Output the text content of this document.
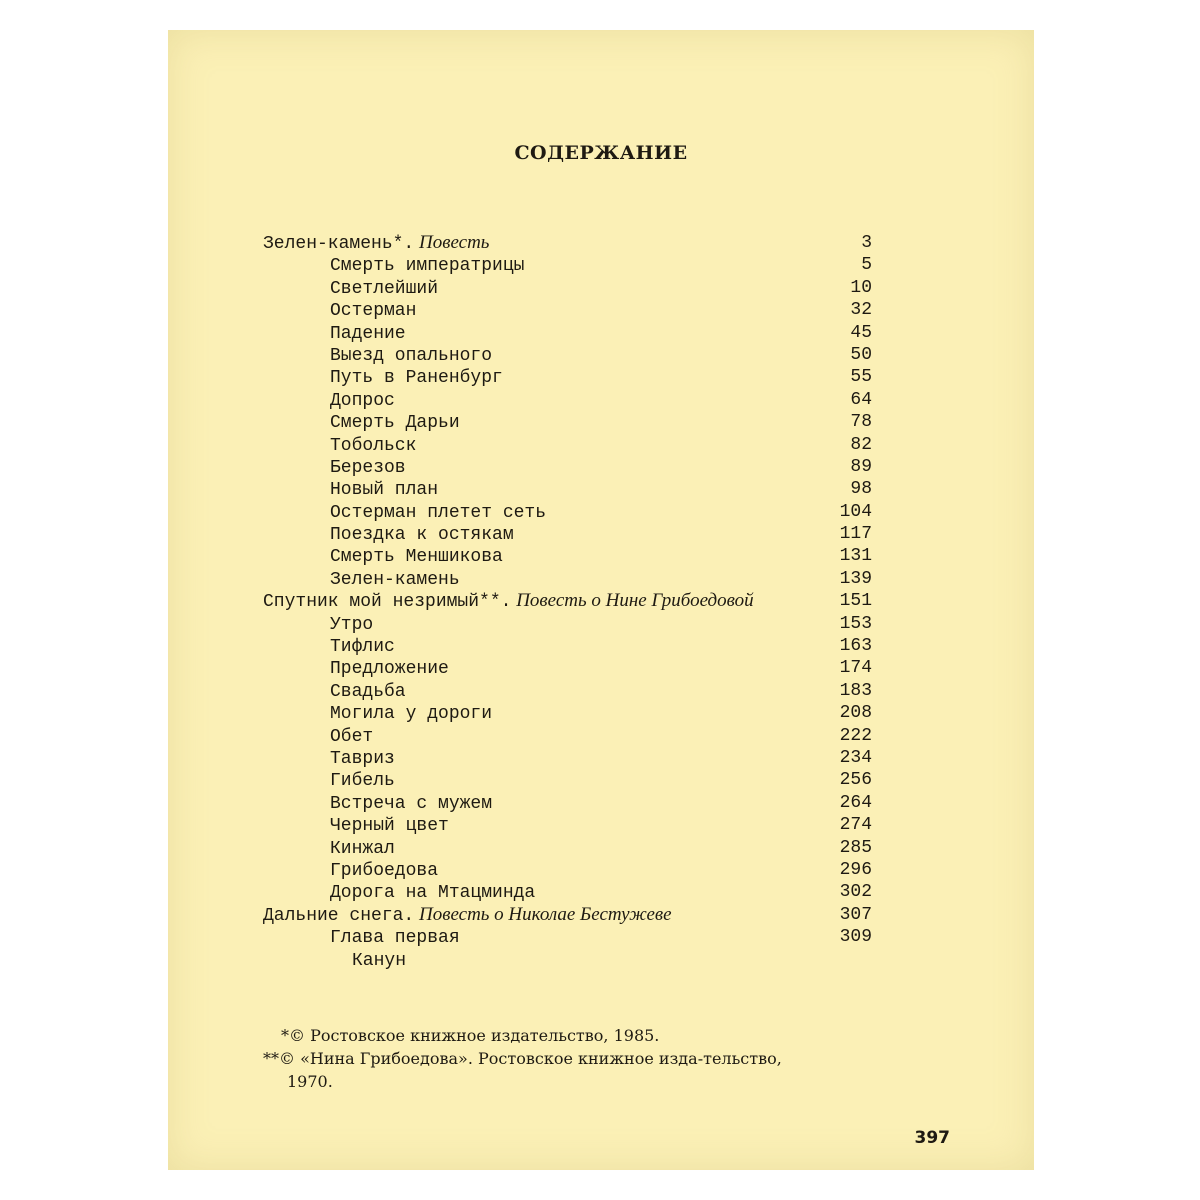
СОДЕРЖАНИЕ
Зелен-камень*. Повесть	3
Смерть императрицы	5
Светлейший	10
Остерман	32
Падение	45
Выезд опального	50
Путь в Раненбург	55
Допрос	64
Смерть Дарьи	78
Тобольск	82
Березов	89
Новый план	98
Остерман плетет сеть	104
Поездка к остякам	117
Смерть Меншикова	131
Зелен-камень	139
Спутник мой незримый**. Повесть о Нине Грибоедовой	151
Утро	153
Тифлис	163
Предложение	174
Свадьба	183
Могила у дороги	208
Обет	222
Тавриз	234
Гибель	256
Встреча с мужем	264
Черный цвет	274
Кинжал	285
Грибоедова	296
Дорога на Мтацминда	302
Дальние снега. Повесть о Николае Бестужеве	307
Глава первая	309
Канун

*© Ростовское книжное издательство, 1985.

**© «Нина Грибоедова». Ростовское книжное изда-тельство, 1970.

397
